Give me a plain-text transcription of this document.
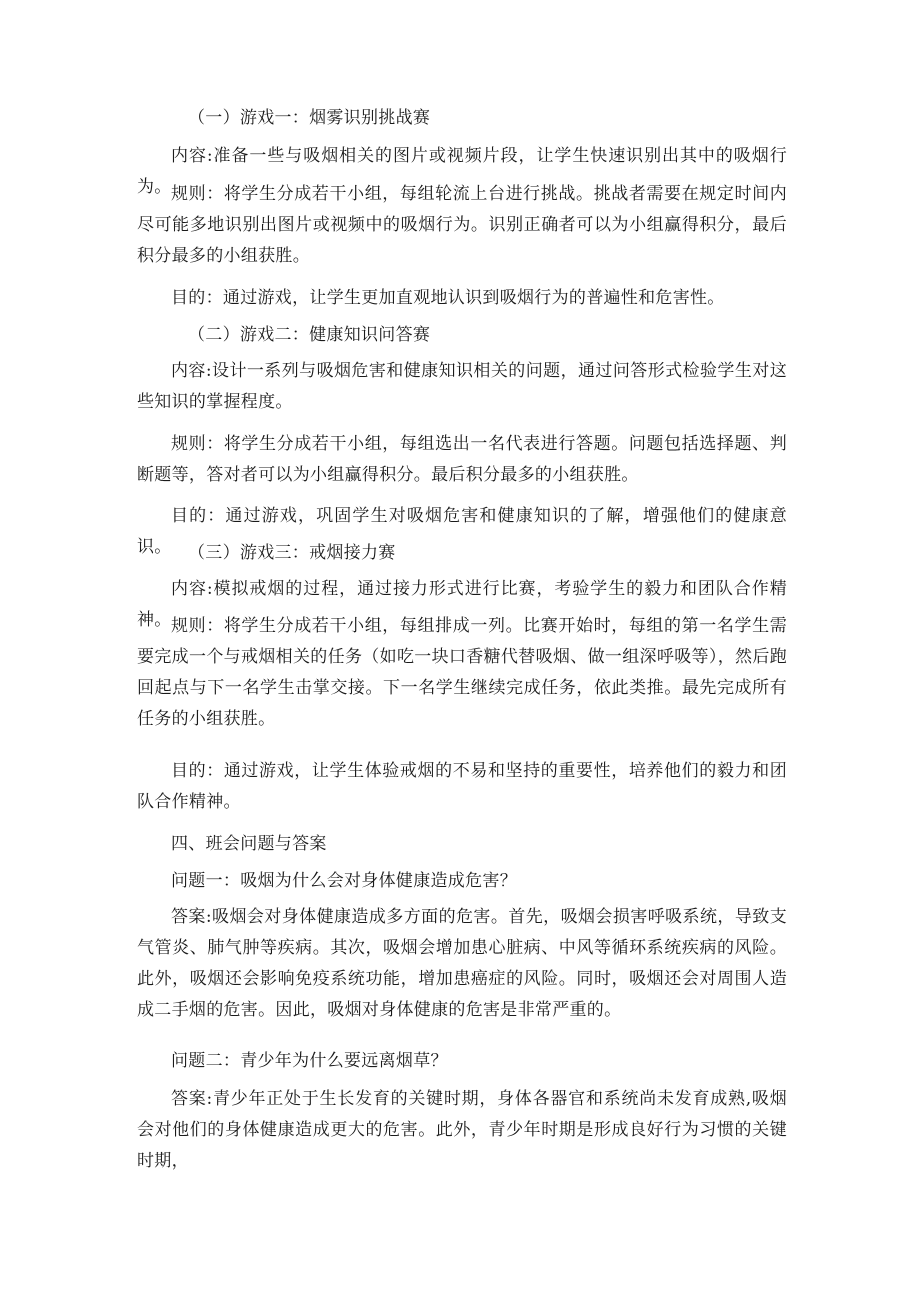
（一）游戏一：烟雾识别挑战赛

内容:准备一些与吸烟相关的图片或视频片段，让学生快速识别出其中的吸烟行为。 规则：将学生分成若干小组，每组轮流上台进行挑战。挑战者需要在规定时间内尽可能多地识别出图片或视频中的吸烟行为。识别正确者可以为小组赢得积分，最后积分最多的小组获胜。

目的：通过游戏，让学生更加直观地认识到吸烟行为的普遍性和危害性。

（二）游戏二：健康知识问答赛

内容:设计一系列与吸烟危害和健康知识相关的问题，通过问答形式检验学生对这些知识的掌握程度。

规则：将学生分成若干小组，每组选出一名代表进行答题。问题包括选择题、判断题等，答对者可以为小组赢得积分。最后积分最多的小组获胜。

目的：通过游戏，巩固学生对吸烟危害和健康知识的了解，增强他们的健康意识。 （三）游戏三：戒烟接力赛

内容:模拟戒烟的过程，通过接力形式进行比赛，考验学生的毅力和团队合作精神。 规则：将学生分成若干小组，每组排成一列。比赛开始时，每组的第一名学生需要完成一个与戒烟相关的任务（如吃一块口香糖代替吸烟、做一组深呼吸等），然后跑回起点与下一名学生击掌交接。下一名学生继续完成任务，依此类推。最先完成所有任务的小组获胜。

目的：通过游戏，让学生体验戒烟的不易和坚持的重要性，培养他们的毅力和团队合作精神。

四、班会问题与答案

问题一：吸烟为什么会对身体健康造成危害？

答案:吸烟会对身体健康造成多方面的危害。首先，吸烟会损害呼吸系统，导致支气管炎、肺气肿等疾病。其次，吸烟会增加患心脏病、中风等循环系统疾病的风险。此外，吸烟还会影响免疫系统功能，增加患癌症的风险。同时，吸烟还会对周围人造成二手烟的危害。因此，吸烟对身体健康的危害是非常严重的。

问题二：青少年为什么要远离烟草？

答案:青少年正处于生长发育的关键时期，身体各器官和系统尚未发育成熟,吸烟会对他们的身体健康造成更大的危害。此外，青少年时期是形成良好行为习惯的关键时期，
